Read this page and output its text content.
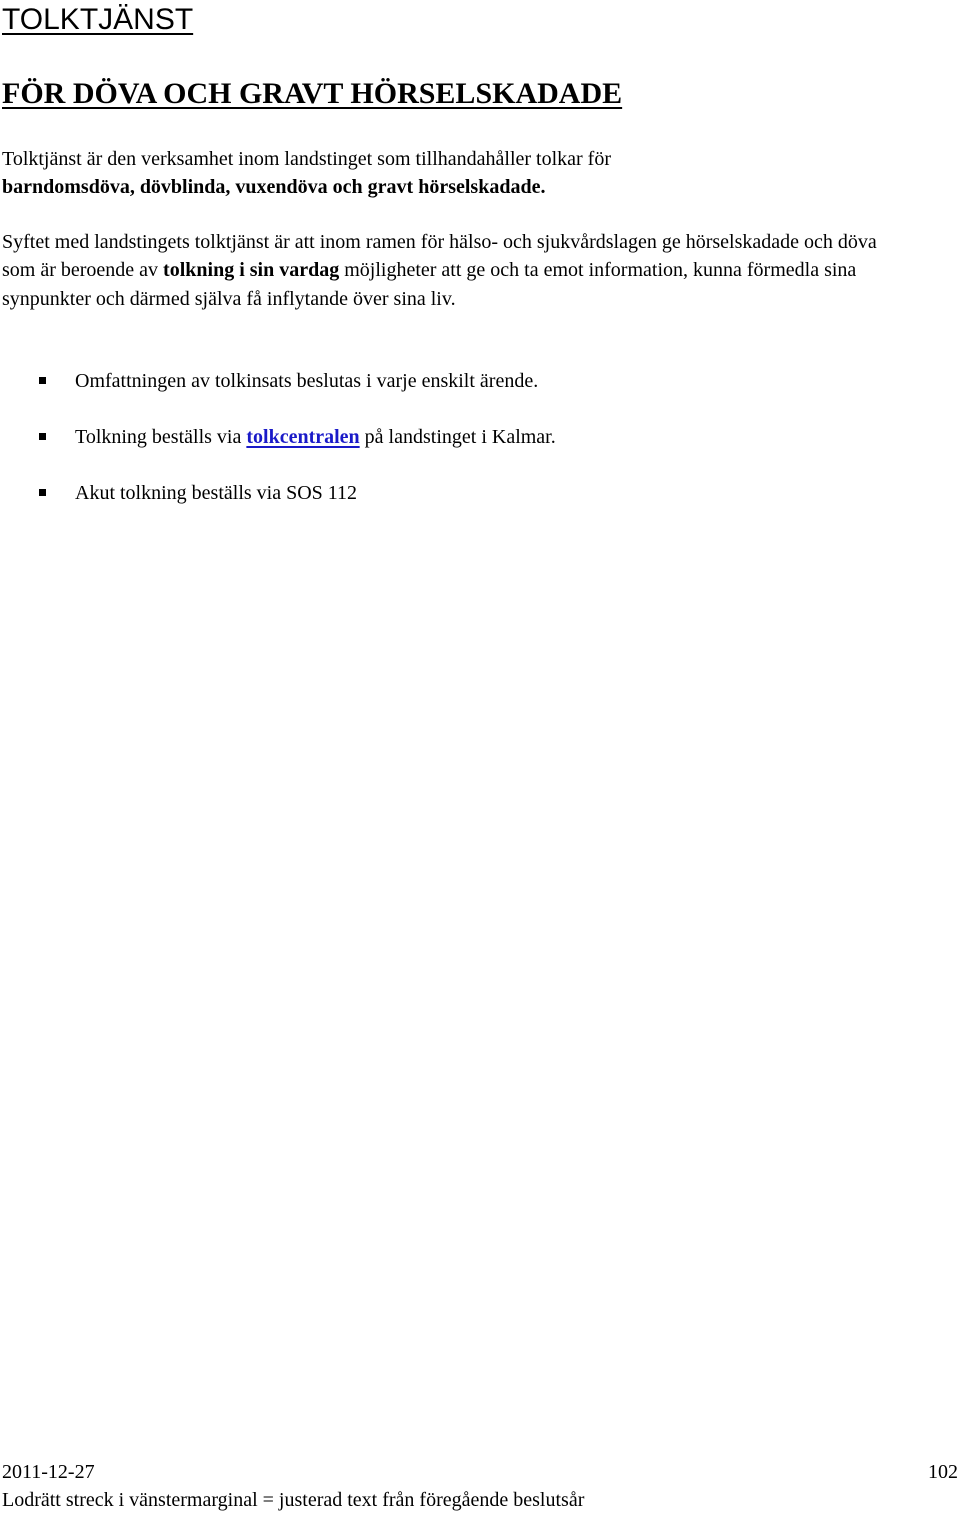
TOLKTJÄNST
FÖR DÖVA OCH GRAVT HÖRSELSKADADE

Tolktjänst är den verksamhet inom landstinget som tillhandahåller tolkar för
barndomsdöva, dövblinda, vuxendöva och gravt hörselskadade.

Syftet med landstingets tolktjänst är att inom ramen för hälso- och sjukvårdslagen ge hörselskadade och döva som är beroende av tolkning i sin vardag möjligheter att ge och ta emot information, kunna förmedla sina synpunkter och därmed själva få inflytande över sina liv.

Omfattningen av tolkinsats beslutas i varje enskilt ärende.
Tolkning beställs via tolkcentralen på landstinget i Kalmar.
Akut tolkning beställs via SOS 112

2011-12-27	102

Lodrätt streck i vänstermarginal = justerad text från föregående beslutsår
